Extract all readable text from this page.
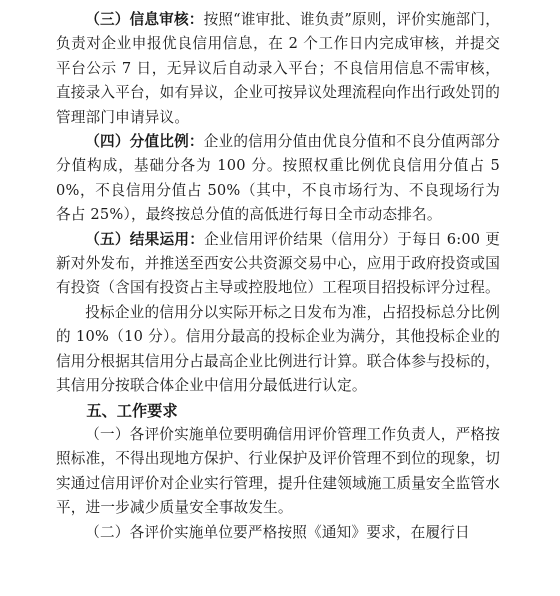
（三）信息审核：按照“谁审批、谁负责”原则，评价实施部门，负责对企业申报优良信用信息，在 2 个工作日内完成审核，并提交平台公示 7 日，无异议后自动录入平台；不良信用信息不需审核，直接录入平台，如有异议，企业可按异议处理流程向作出行政处罚的管理部门申请异议。

（四）分值比例：企业的信用分值由优良分值和不良分值两部分分值构成，基础分各为 100 分。按照权重比例优良信用分值占 50%，不良信用分值占 50%（其中，不良市场行为、不良现场行为各占 25%），最终按总分值的高低进行每日全市动态排名。

（五）结果运用：企业信用评价结果（信用分）于每日 6:00 更新对外发布，并推送至西安公共资源交易中心，应用于政府投资或国有投资（含国有投资占主导或控股地位）工程项目招投标评分过程。

投标企业的信用分以实际开标之日发布为准，占招投标总分比例的 10%（10 分）。信用分最高的投标企业为满分，其他投标企业的信用分根据其信用分占最高企业比例进行计算。联合体参与投标的，其信用分按联合体企业中信用分最低进行认定。

五、工作要求

（一）各评价实施单位要明确信用评价管理工作负责人，严格按照标准，不得出现地方保护、行业保护及评价管理不到位的现象，切实通过信用评价对企业实行管理，提升住建领域施工质量安全监管水平，进一步减少质量安全事故发生。

（二）各评价实施单位要严格按照《通知》要求，在履行日
